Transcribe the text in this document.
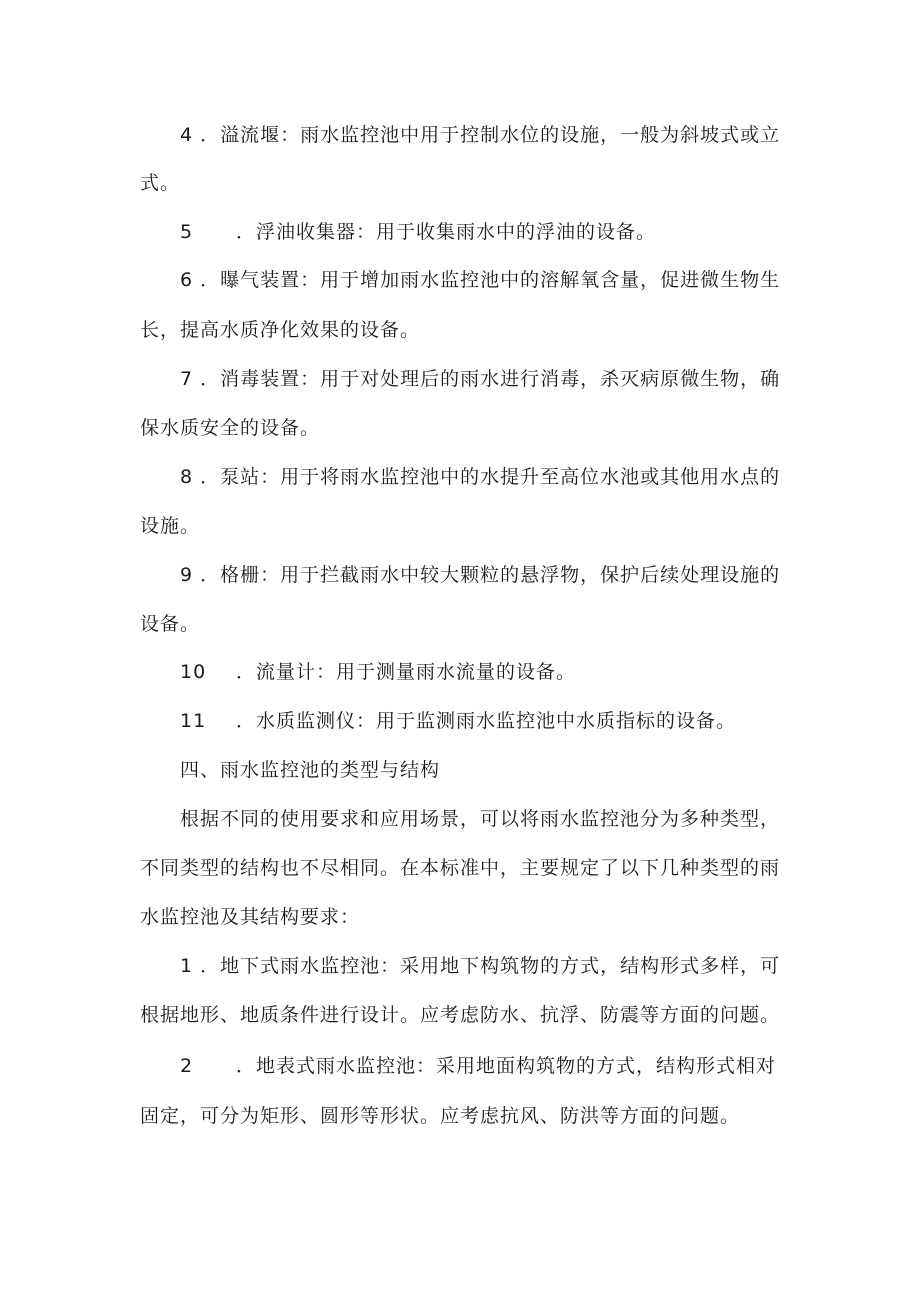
4 ．溢流堰：雨水监控池中用于控制水位的设施，一般为斜坡式或立
式。
5 ．浮油收集器：用于收集雨水中的浮油的设备。
6 ．曝气装置：用于增加雨水监控池中的溶解氧含量，促进微生物生
长，提高水质净化效果的设备。
7 ．消毒装置：用于对处理后的雨水进行消毒，杀灭病原微生物，确
保水质安全的设备。
8 ．泵站：用于将雨水监控池中的水提升至高位水池或其他用水点的
设施。
9 ．格栅：用于拦截雨水中较大颗粒的悬浮物，保护后续处理设施的
设备。
10 ．流量计：用于测量雨水流量的设备。
11 ．水质监测仪：用于监测雨水监控池中水质指标的设备。
四、雨水监控池的类型与结构
根据不同的使用要求和应用场景，可以将雨水监控池分为多种类型，
不同类型的结构也不尽相同。在本标准中，主要规定了以下几种类型的雨
水监控池及其结构要求：
1 ．地下式雨水监控池：采用地下构筑物的方式，结构形式多样，可
根据地形、地质条件进行设计。应考虑防水、抗浮、防震等方面的问题。
2 ．地表式雨水监控池：采用地面构筑物的方式，结构形式相对
固定，可分为矩形、圆形等形状。应考虑抗风、防洪等方面的问题。
